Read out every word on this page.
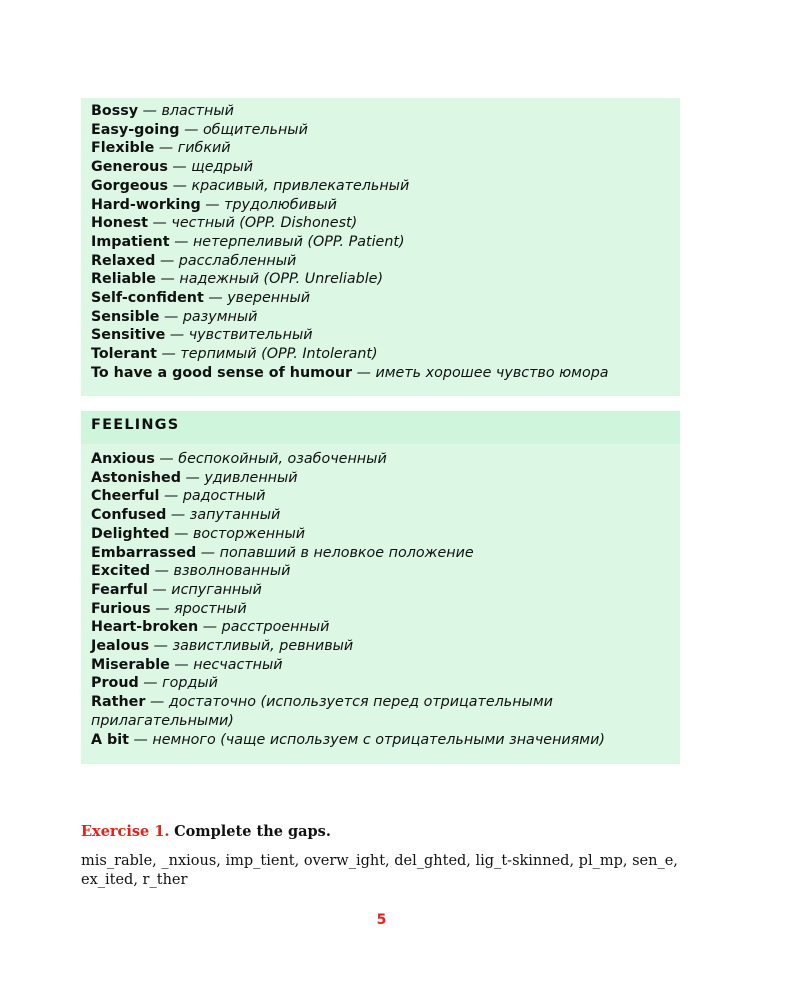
Bossy — властный
Easy-going — общительный
Flexible — гибкий
Generous — щедрый
Gorgeous — красивый, привлекательный
Hard-working — трудолюбивый
Honest — честный (OPP. Dishonest)
Impatient — нетерпеливый (OPP. Patient)
Relaxed — расслабленный
Reliable — надежный (OPP. Unreliable)
Self-confident — уверенный
Sensible — разумный
Sensitive — чувствительный
Tolerant — терпимый (OPP. Intolerant)
To have a good sense of humour — иметь хорошее чувство юмора
FEELINGS
Anxious — беспокойный, озабоченный
Astonished — удивленный
Cheerful — радостный
Confused — запутанный
Delighted — восторженный
Embarrassed — попавший в неловкое положение
Excited — взволнованный
Fearful — испуганный
Furious — яростный
Heart-broken — расстроенный
Jealous — завистливый, ревнивый
Miserable — несчастный
Proud — гордый
Rather — достаточно (используется перед отрицательными прилагательными)
A bit — немного (чаще используем с отрицательными значениями)

Exercise 1. Complete the gaps.

mis_rable, _nxious, imp_tient, overw_ight, del_ghted, lig_t-skinned, pl_mp, sen_e, ex_ited, r_ther

5
